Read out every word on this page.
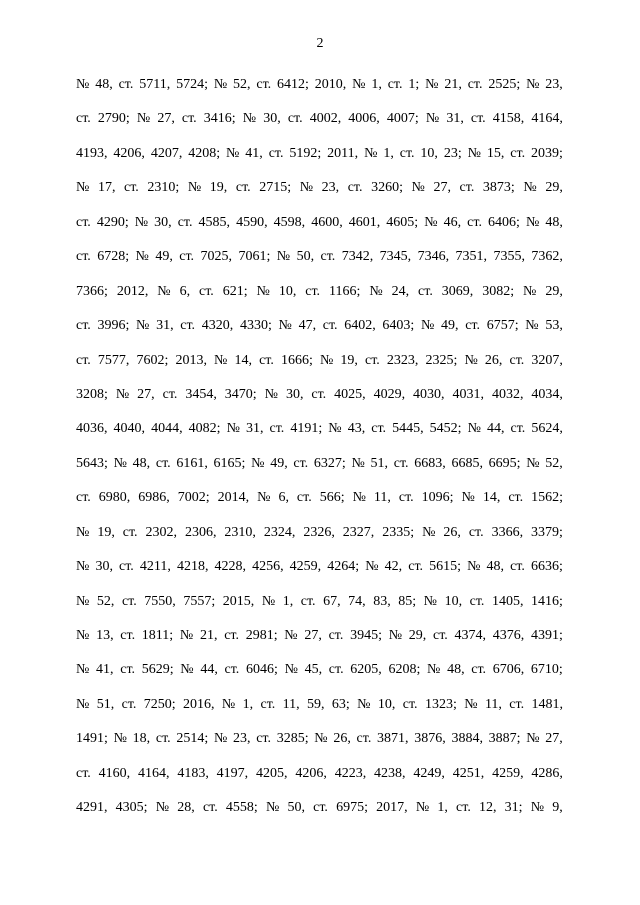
2
№ 48, ст. 5711, 5724; № 52, ст. 6412; 2010, № 1, ст. 1; № 21, ст. 2525; № 23,
ст. 2790; № 27, ст. 3416; № 30, ст. 4002, 4006, 4007; № 31, ст. 4158, 4164,
4193, 4206, 4207, 4208; № 41, ст. 5192; 2011, № 1, ст. 10, 23; № 15, ст. 2039;
№ 17, ст. 2310; № 19, ст. 2715; № 23, ст. 3260; № 27, ст. 3873; № 29,
ст. 4290; № 30, ст. 4585, 4590, 4598, 4600, 4601, 4605; № 46, ст. 6406; № 48,
ст. 6728; № 49, ст. 7025, 7061; № 50, ст. 7342, 7345, 7346, 7351, 7355, 7362,
7366; 2012, № 6, ст. 621; № 10, ст. 1166; № 24, ст. 3069, 3082; № 29,
ст. 3996; № 31, ст. 4320, 4330; № 47, ст. 6402, 6403; № 49, ст. 6757; № 53,
ст. 7577, 7602; 2013, № 14, ст. 1666; № 19, ст. 2323, 2325; № 26, ст. 3207,
3208; № 27, ст. 3454, 3470; № 30, ст. 4025, 4029, 4030, 4031, 4032, 4034,
4036, 4040, 4044, 4082; № 31, ст. 4191; № 43, ст. 5445, 5452; № 44, ст. 5624,
5643; № 48, ст. 6161, 6165; № 49, ст. 6327; № 51, ст. 6683, 6685, 6695; № 52,
ст. 6980, 6986, 7002; 2014, № 6, ст. 566; № 11, ст. 1096; № 14, ст. 1562;
№ 19, ст. 2302, 2306, 2310, 2324, 2326, 2327, 2335; № 26, ст. 3366, 3379;
№ 30, ст. 4211, 4218, 4228, 4256, 4259, 4264; № 42, ст. 5615; № 48, ст. 6636;
№ 52, ст. 7550, 7557; 2015, № 1, ст. 67, 74, 83, 85; № 10, ст. 1405, 1416;
№ 13, ст. 1811; № 21, ст. 2981; № 27, ст. 3945; № 29, ст. 4374, 4376, 4391;
№ 41, ст. 5629; № 44, ст. 6046; № 45, ст. 6205, 6208; № 48, ст. 6706, 6710;
№ 51, ст. 7250; 2016, № 1, ст. 11, 59, 63; № 10, ст. 1323; № 11, ст. 1481,
1491; № 18, ст. 2514; № 23, ст. 3285; № 26, ст. 3871, 3876, 3884, 3887; № 27,
ст. 4160, 4164, 4183, 4197, 4205, 4206, 4223, 4238, 4249, 4251, 4259, 4286,
4291, 4305; № 28, ст. 4558; № 50, ст. 6975; 2017, № 1, ст. 12, 31; № 9,
